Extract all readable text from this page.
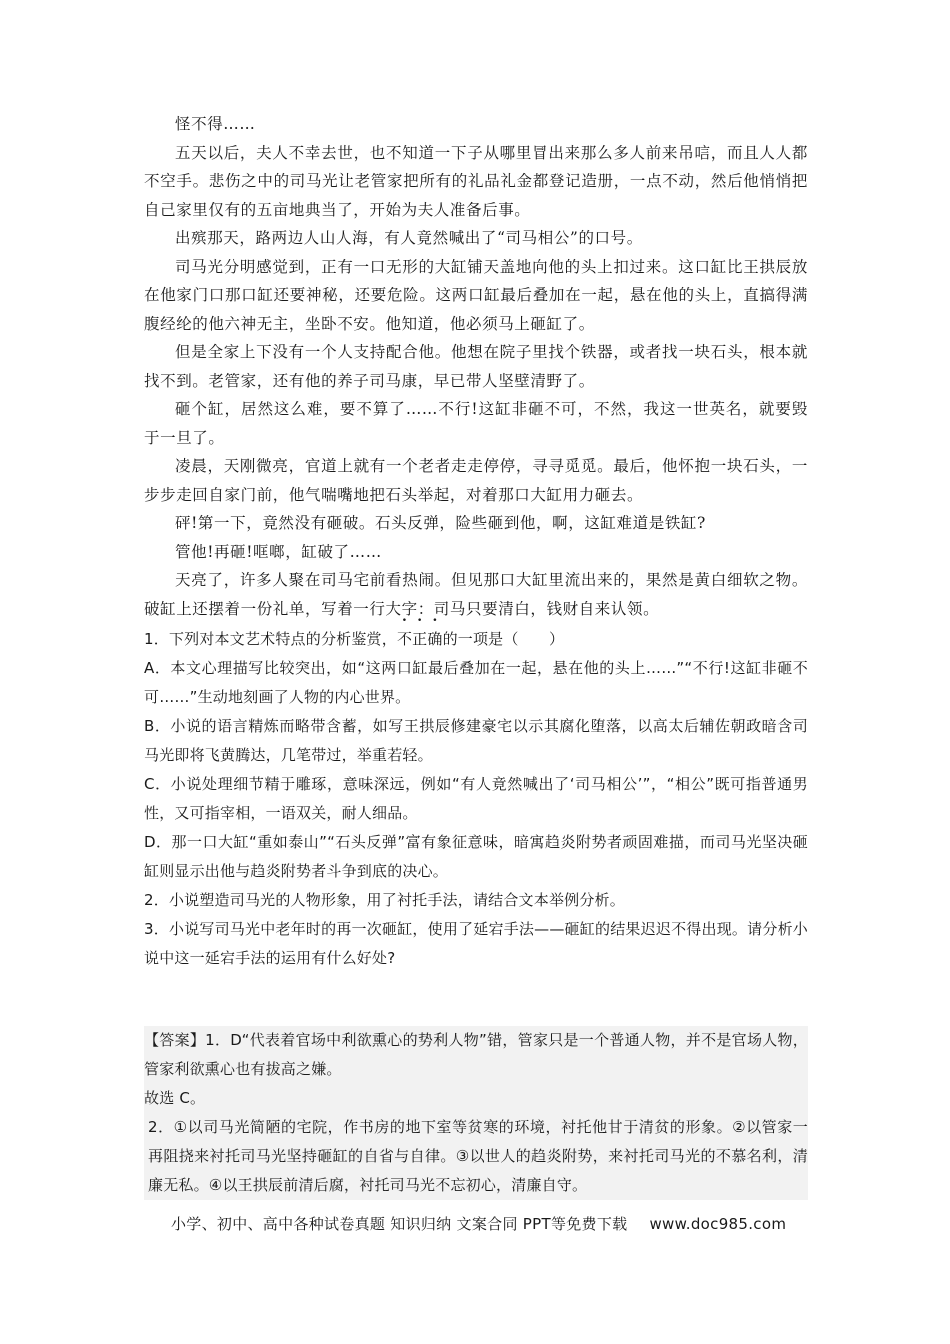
怪不得……

五天以后，夫人不幸去世，也不知道一下子从哪里冒出来那么多人前来吊唁，而且人人都不空手。悲伤之中的司马光让老管家把所有的礼品礼金都登记造册，一点不动，然后他悄悄把自己家里仅有的五亩地典当了，开始为夫人准备后事。

出殡那天，路两边人山人海，有人竟然喊出了“司马相公”的口号。

司马光分明感觉到，正有一口无形的大缸铺天盖地向他的头上扣过来。这口缸比王拱辰放在他家门口那口缸还要神秘，还要危险。这两口缸最后叠加在一起，悬在他的头上，直搞得满腹经纶的他六神无主，坐卧不安。他知道，他必须马上砸缸了。

但是全家上下没有一个人支持配合他。他想在院子里找个铁器，或者找一块石头，根本就找不到。老管家，还有他的养子司马康，早已带人坚壁清野了。

砸个缸，居然这么难，要不算了……不行!这缸非砸不可，不然，我这一世英名，就要毁于一旦了。

凌晨，天刚微亮，官道上就有一个老者走走停停，寻寻觅觅。最后，他怀抱一块石头，一步步走回自家门前，他气喘嘴地把石头举起，对着那口大缸用力砸去。

砰!第一下，竟然没有砸破。石头反弹，险些砸到他，啊，这缸难道是铁缸?

管他!再砸!哐啷，缸破了……

天亮了，许多人聚在司马宅前看热闹。但见那口大缸里流出来的，果然是黄白细软之物。破缸上还摆着一份礼单，写着一行大字：司马只要清白，钱财自来认领。

1．下列对本文艺术特点的分析鉴赏，不正确的一项是（　　）

A．本文心理描写比较突出，如“这两口缸最后叠加在一起，悬在他的头上……”“不行!这缸非砸不可……”生动地刻画了人物的内心世界。

B．小说的语言精炼而略带含蓄，如写王拱辰修建豪宅以示其腐化堕落，以高太后辅佐朝政暗含司马光即将飞黄腾达，几笔带过，举重若轻。

C．小说处理细节精于雕琢，意味深远，例如“有人竟然喊出了‘司马相公’”，“相公”既可指普通男性，又可指宰相，一语双关，耐人细品。

D．那一口大缸“重如泰山”“石头反弹”富有象征意味，暗寓趋炎附势者顽固难描，而司马光坚决砸缸则显示出他与趋炎附势者斗争到底的决心。

2．小说塑造司马光的人物形象，用了衬托手法，请结合文本举例分析。

3．小说写司马光中老年时的再一次砸缸，使用了延宕手法——砸缸的结果迟迟不得出现。请分析小说中这一延宕手法的运用有什么好处?

【答案】1．D“代表着官场中利欲熏心的势利人物”错，管家只是一个普通人物，并不是官场人物，管家利欲熏心也有拔高之嫌。

故选 C。

2．①以司马光简陋的宅院，作书房的地下室等贫寒的环境，衬托他甘于清贫的形象。②以管家一再阻挠来衬托司马光坚持砸缸的自省与自律。③以世人的趋炎附势，来衬托司马光的不慕名利，清廉无私。④以王拱辰前清后腐，衬托司马光不忘初心，清廉自守。

小学、初中、高中各种试卷真题 知识归纳 文案合同 PPT等免费下载 www.doc985.com
